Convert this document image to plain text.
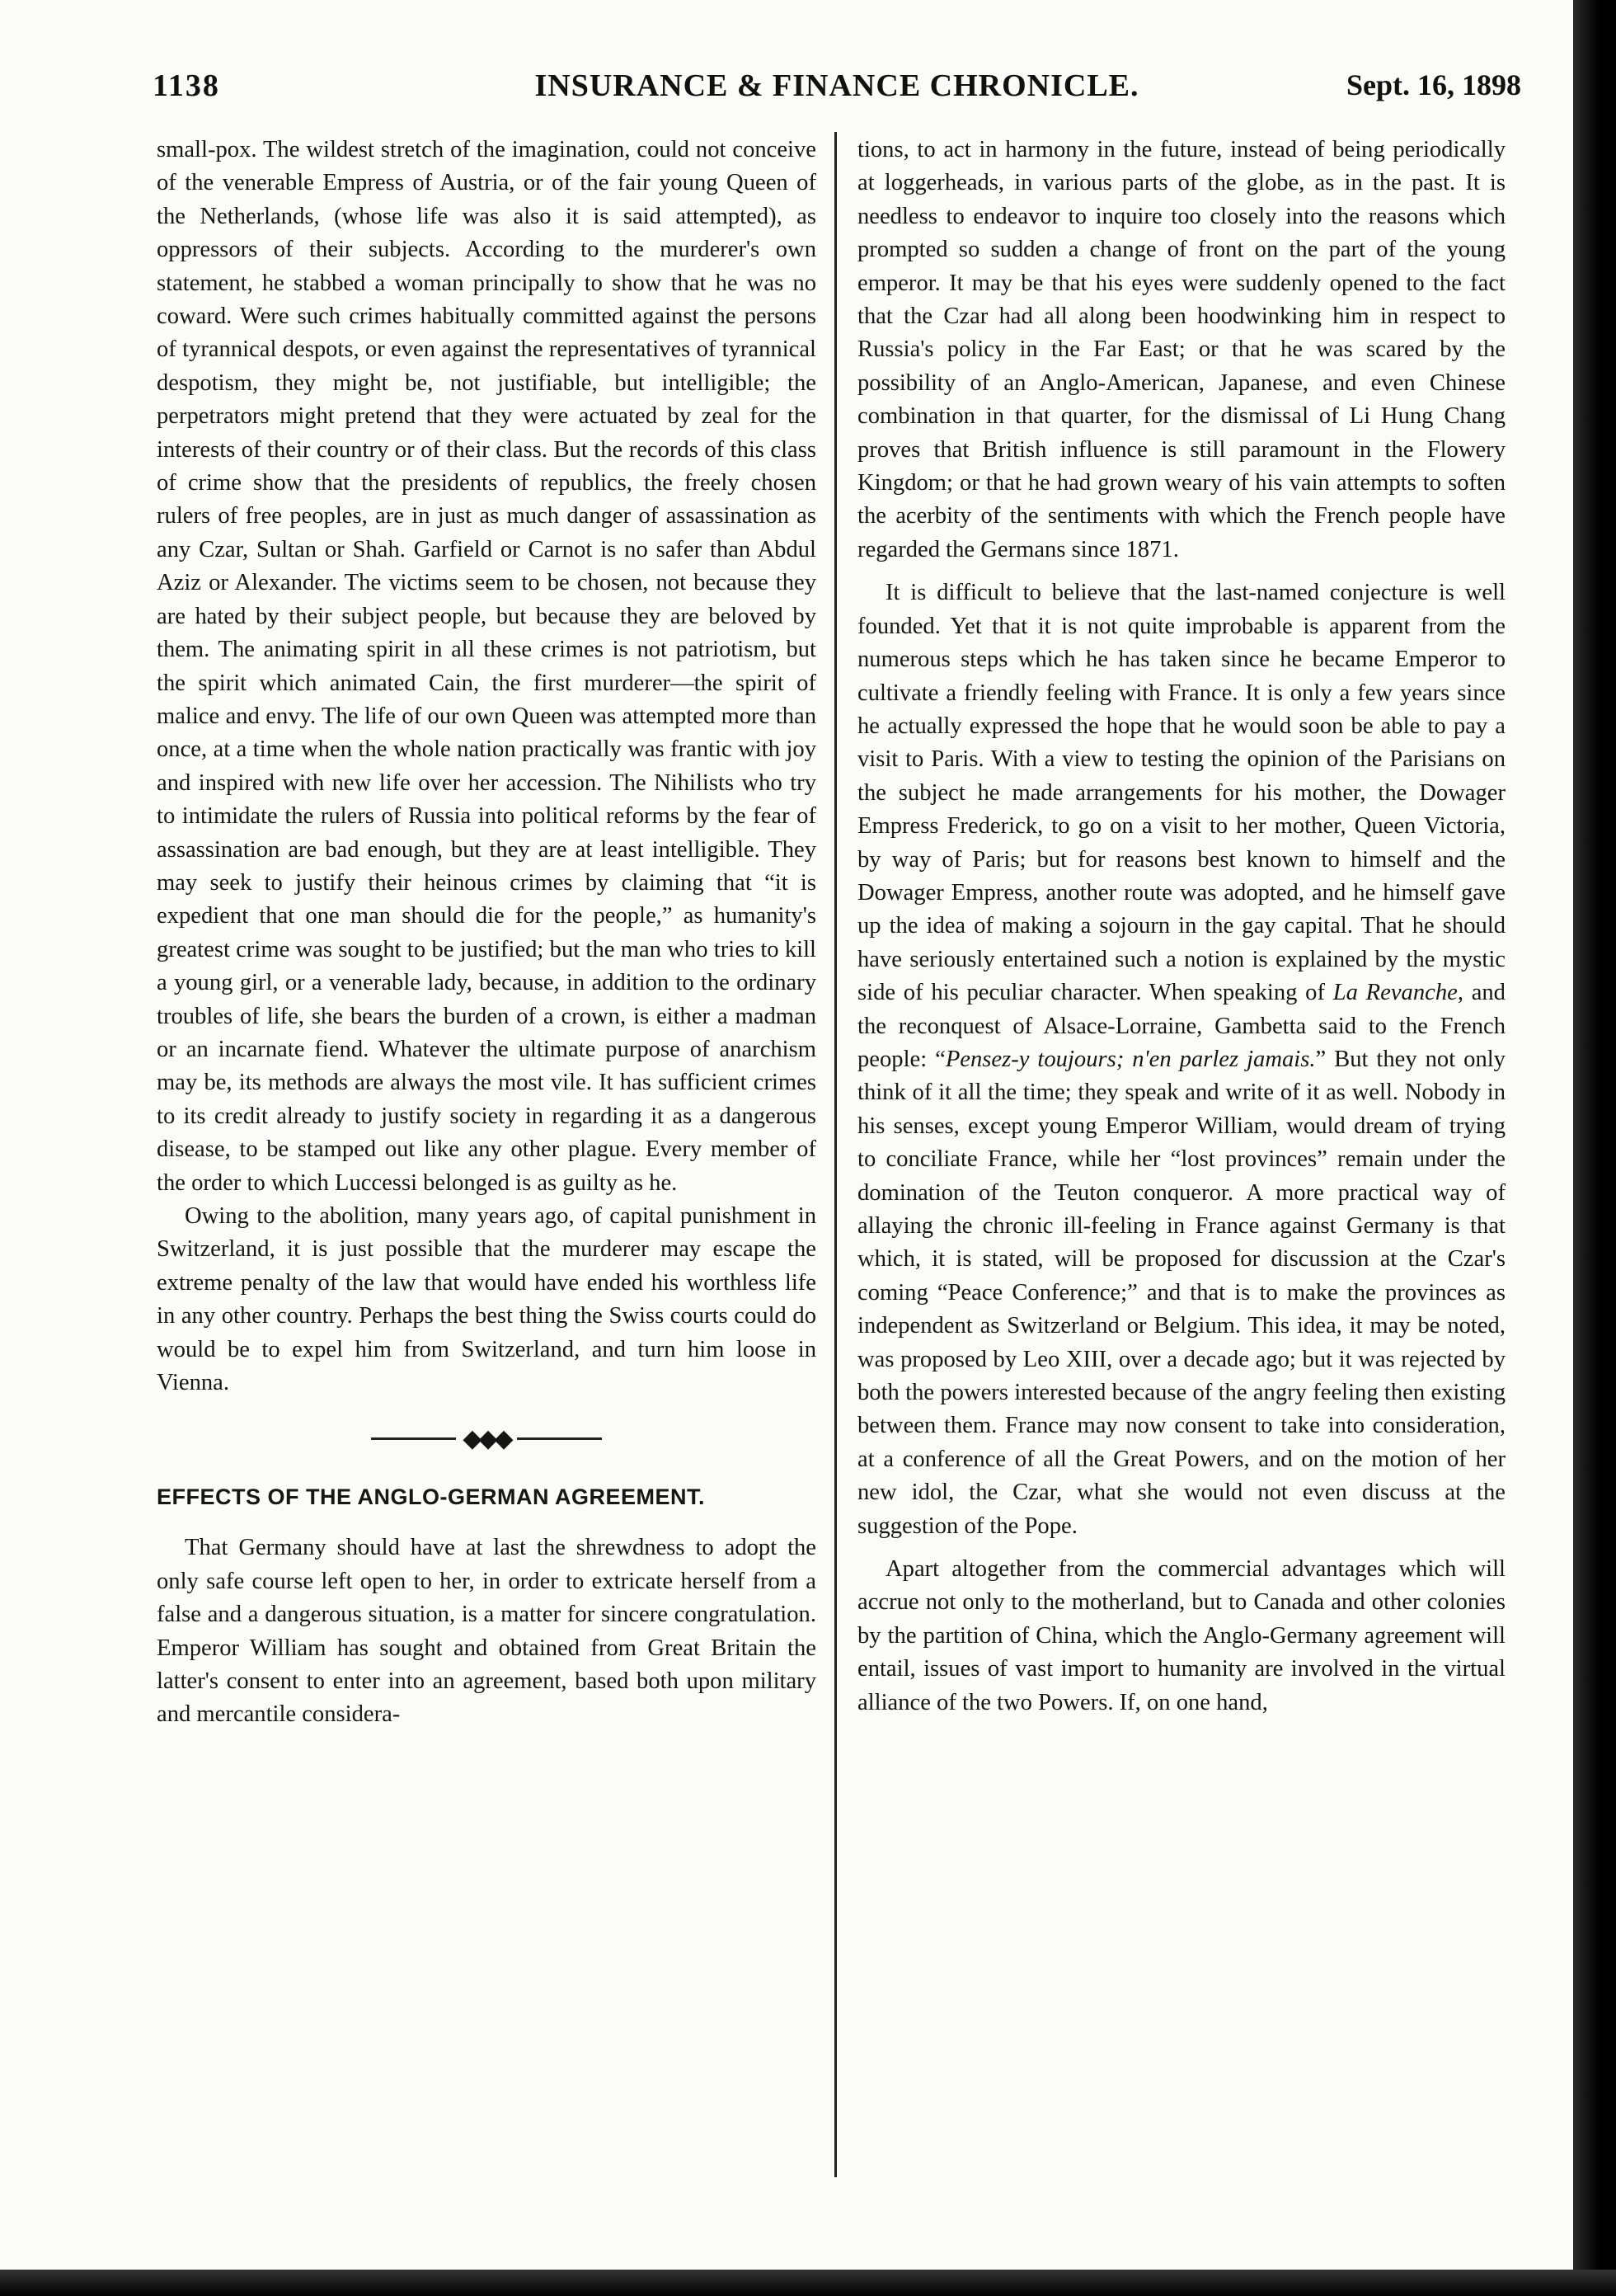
1138	INSURANCE & FINANCE CHRONICLE.	Sept. 16, 1898

small-pox. The wildest stretch of the imagination, could not conceive of the venerable Empress of Austria, or of the fair young Queen of the Netherlands, (whose life was also it is said attempted), as oppressors of their subjects. According to the murderer's own statement, he stabbed a woman principally to show that he was no coward. Were such crimes habitually committed against the persons of tyrannical despots, or even against the representatives of tyrannical despotism, they might be, not justifiable, but intelligible; the perpetrators might pretend that they were actuated by zeal for the interests of their country or of their class. But the records of this class of crime show that the presidents of republics, the freely chosen rulers of free peoples, are in just as much danger of assassination as any Czar, Sultan or Shah. Garfield or Carnot is no safer than Abdul Aziz or Alexander. The victims seem to be chosen, not because they are hated by their subject people, but because they are beloved by them. The animating spirit in all these crimes is not patriotism, but the spirit which animated Cain, the first murderer—the spirit of malice and envy. The life of our own Queen was attempted more than once, at a time when the whole nation practically was frantic with joy and inspired with new life over her accession. The Nihilists who try to intimidate the rulers of Russia into political reforms by the fear of assassination are bad enough, but they are at least intelligible. They may seek to justify their heinous crimes by claiming that “it is expedient that one man should die for the people,” as humanity's greatest crime was sought to be justified; but the man who tries to kill a young girl, or a venerable lady, because, in addition to the ordinary troubles of life, she bears the burden of a crown, is either a madman or an incarnate fiend. Whatever the ultimate purpose of anarchism may be, its methods are always the most vile. It has sufficient crimes to its credit already to justify society in regarding it as a dangerous disease, to be stamped out like any other plague. Every member of the order to which Luccessi belonged is as guilty as he.

Owing to the abolition, many years ago, of capital punishment in Switzerland, it is just possible that the murderer may escape the extreme penalty of the law that would have ended his worthless life in any other country. Perhaps the best thing the Swiss courts could do would be to expel him from Switzerland, and turn him loose in Vienna.

◆◆◆
EFFECTS OF THE ANGLO-GERMAN AGREEMENT.

That Germany should have at last the shrewdness to adopt the only safe course left open to her, in order to extricate herself from a false and a dangerous situation, is a matter for sincere congratulation. Emperor William has sought and obtained from Great Britain the latter's consent to enter into an agreement, based both upon military and mercantile considera-

tions, to act in harmony in the future, instead of being periodically at loggerheads, in various parts of the globe, as in the past. It is needless to endeavor to inquire too closely into the reasons which prompted so sudden a change of front on the part of the young emperor. It may be that his eyes were suddenly opened to the fact that the Czar had all along been hoodwinking him in respect to Russia's policy in the Far East; or that he was scared by the possibility of an Anglo-American, Japanese, and even Chinese combination in that quarter, for the dismissal of Li Hung Chang proves that British influence is still paramount in the Flowery Kingdom; or that he had grown weary of his vain attempts to soften the acerbity of the sentiments with which the French people have regarded the Germans since 1871.

It is difficult to believe that the last-named conjecture is well founded. Yet that it is not quite improbable is apparent from the numerous steps which he has taken since he became Emperor to cultivate a friendly feeling with France. It is only a few years since he actually expressed the hope that he would soon be able to pay a visit to Paris. With a view to testing the opinion of the Parisians on the subject he made arrangements for his mother, the Dowager Empress Frederick, to go on a visit to her mother, Queen Victoria, by way of Paris; but for reasons best known to himself and the Dowager Empress, another route was adopted, and he himself gave up the idea of making a sojourn in the gay capital. That he should have seriously entertained such a notion is explained by the mystic side of his peculiar character. When speaking of La Revanche, and the reconquest of Alsace-Lorraine, Gambetta said to the French people: “Pensez-y toujours; n'en parlez jamais.” But they not only think of it all the time; they speak and write of it as well. Nobody in his senses, except young Emperor William, would dream of trying to conciliate France, while her “lost provinces” remain under the domination of the Teuton conqueror. A more practical way of allaying the chronic ill-feeling in France against Germany is that which, it is stated, will be proposed for discussion at the Czar's coming “Peace Conference;” and that is to make the provinces as independent as Switzerland or Belgium. This idea, it may be noted, was proposed by Leo XIII, over a decade ago; but it was rejected by both the powers interested because of the angry feeling then existing between them. France may now consent to take into consideration, at a conference of all the Great Powers, and on the motion of her new idol, the Czar, what she would not even discuss at the suggestion of the Pope.

Apart altogether from the commercial advantages which will accrue not only to the motherland, but to Canada and other colonies by the partition of China, which the Anglo-Germany agreement will entail, issues of vast import to humanity are involved in the virtual alliance of the two Powers. If, on one hand,
